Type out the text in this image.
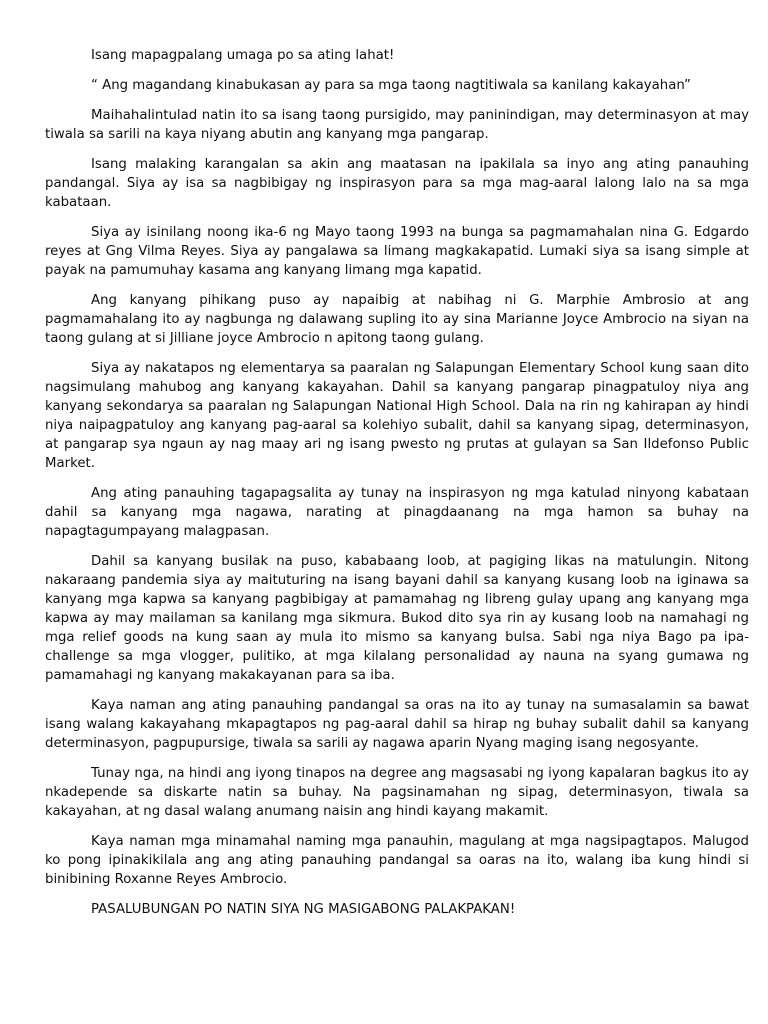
Isang mapagpalang umaga po sa ating lahat!

“ Ang magandang kinabukasan ay para sa mga taong nagtitiwala sa kanilang kakayahan”

Maihahalintulad natin ito sa isang taong pursigido, may paninindigan, may determinasyon at may tiwala sa sarili na kaya niyang abutin ang kanyang mga pangarap.

Isang malaking karangalan sa akin ang maatasan na ipakilala sa inyo ang ating panauhing pandangal. Siya ay isa sa nagbibigay ng inspirasyon para sa mga mag-aaral lalong lalo na sa mga kabataan.

Siya ay isinilang noong ika-6 ng Mayo taong 1993 na bunga sa pagmamahalan nina G. Edgardo reyes at Gng Vilma Reyes. Siya ay pangalawa sa limang magkakapatid. Lumaki siya sa isang simple at payak na pamumuhay kasama ang kanyang limang mga kapatid.

Ang kanyang pihikang puso ay napaibig at nabihag ni G. Marphie Ambrosio at ang pagmamahalang ito ay nagbunga ng dalawang supling ito ay sina Marianne Joyce Ambrocio na siyan na taong gulang at si Jilliane joyce Ambrocio n apitong taong gulang.

Siya ay nakatapos ng elementarya sa paaralan ng Salapungan Elementary School kung saan dito nagsimulang mahubog ang kanyang kakayahan. Dahil sa kanyang pangarap pinagpatuloy niya ang kanyang sekondarya sa paaralan ng Salapungan National High School. Dala na rin ng kahirapan ay hindi niya naipagpatuloy ang kanyang pag-aaral sa kolehiyo subalit, dahil sa kanyang sipag, determinasyon, at pangarap sya ngaun ay nag maay ari ng isang pwesto ng prutas at gulayan sa San Ildefonso Public Market.

Ang ating panauhing tagapagsalita ay tunay na inspirasyon ng mga katulad ninyong kabataan dahil sa kanyang mga nagawa, narating at pinagdaanang na mga hamon sa buhay na napagtagumpayang malagpasan.

Dahil sa kanyang busilak na puso, kababaang loob, at pagiging likas na matulungin. Nitong nakaraang pandemia siya ay maituturing na isang bayani dahil sa kanyang kusang loob na iginawa sa kanyang mga kapwa sa kanyang pagbibigay at pamamahag ng libreng gulay upang ang kanyang mga kapwa ay may mailaman sa kanilang mga sikmura. Bukod dito sya rin ay kusang loob na namahagi ng mga relief goods na kung saan ay mula ito mismo sa kanyang bulsa. Sabi nga niya Bago pa ipa-challenge sa mga vlogger, pulitiko, at mga kilalang personalidad ay nauna na syang gumawa ng pamamahagi ng kanyang makakayanan para sa iba.

Kaya naman ang ating panauhing pandangal sa oras na ito ay tunay na sumasalamin sa bawat isang walang kakayahang mkapagtapos ng pag-aaral dahil sa hirap ng buhay subalit dahil sa kanyang determinasyon, pagpupursige, tiwala sa sarili ay nagawa aparin Nyang maging isang negosyante.

Tunay nga, na hindi ang iyong tinapos na degree ang magsasabi ng iyong kapalaran bagkus ito ay nkadepende sa diskarte natin sa buhay. Na pagsinamahan ng sipag, determinasyon, tiwala sa kakayahan, at ng dasal walang anumang naisin ang hindi kayang makamit.

Kaya naman mga minamahal naming mga panauhin, magulang at mga nagsipagtapos. Malugod ko pong ipinakikilala ang ang ating panauhing pandangal sa oaras na ito, walang iba kung hindi si binibining Roxanne Reyes Ambrocio.

PASALUBUNGAN PO NATIN SIYA NG MASIGABONG PALAKPAKAN!
